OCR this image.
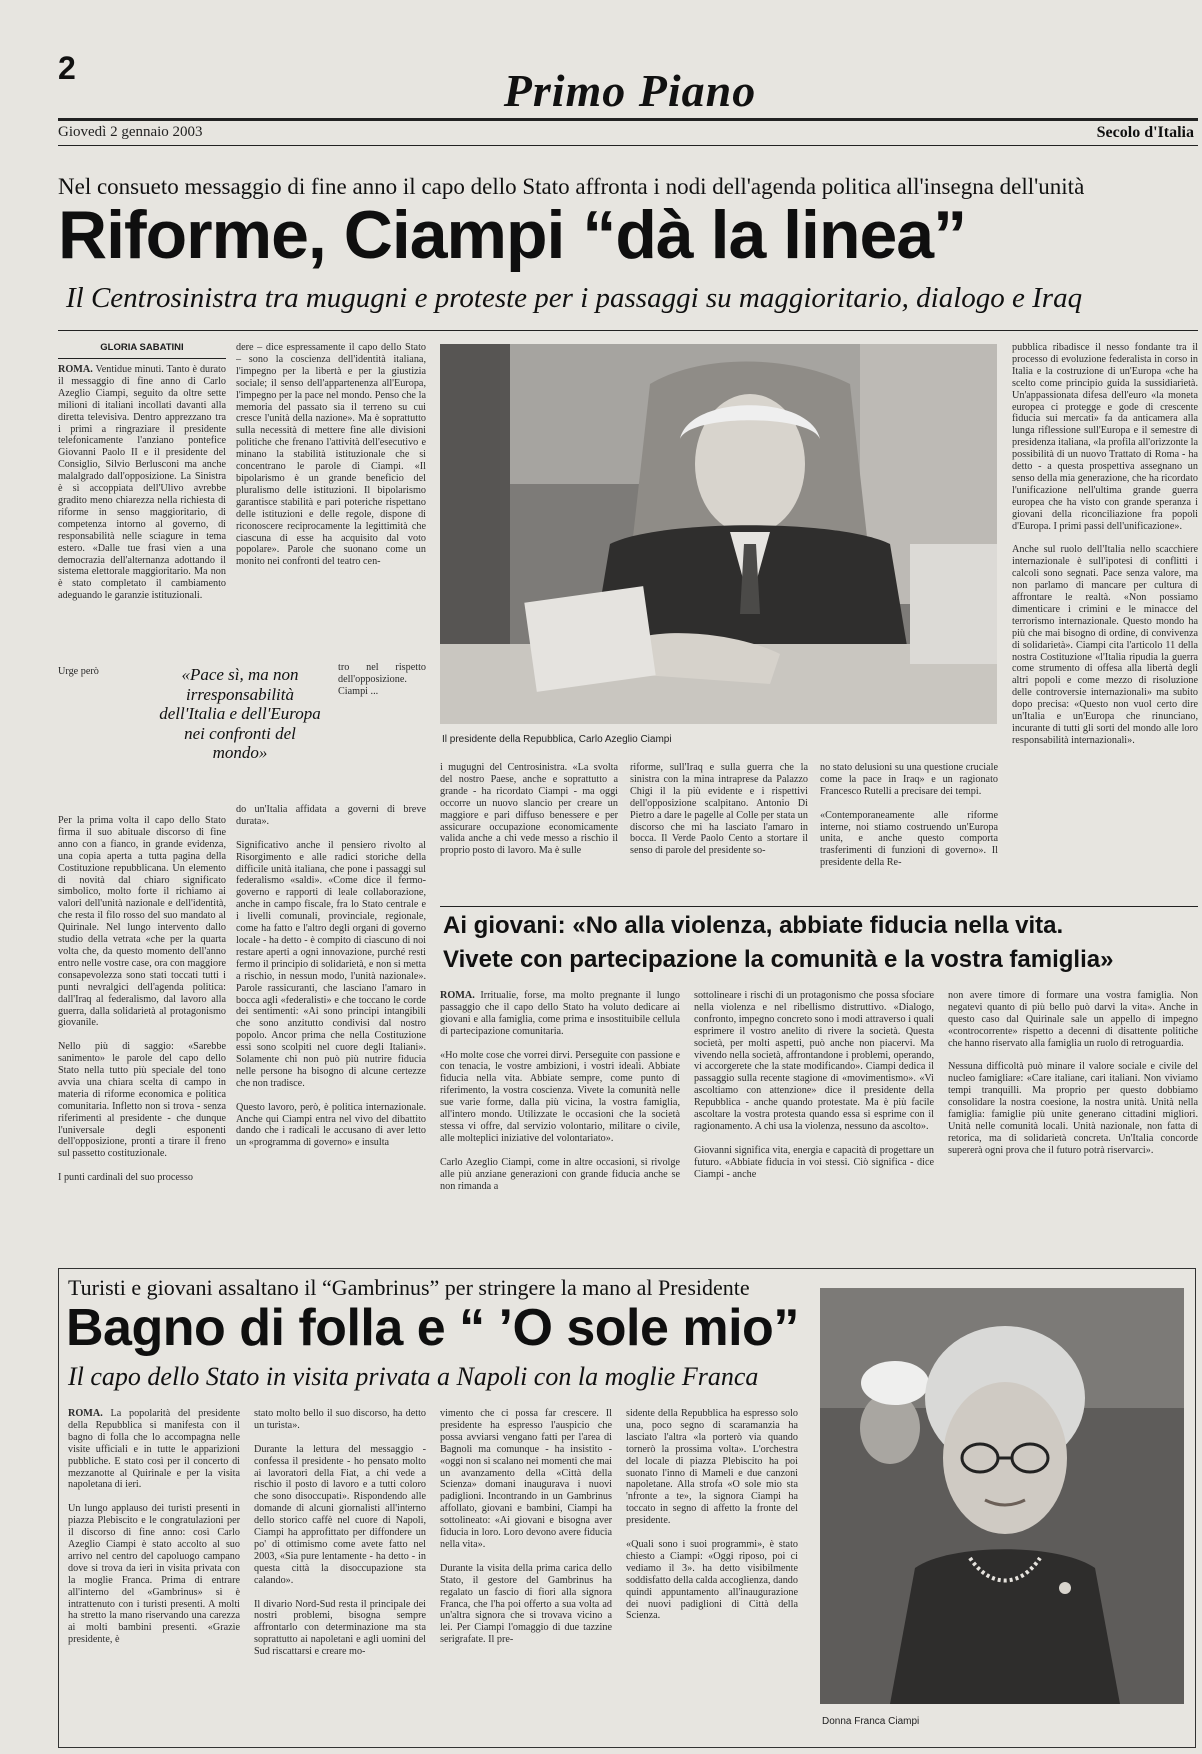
2	Primo Piano
Giovedì 2 gennaio 2003	Secolo d'Italia
Nel consueto messaggio di fine anno il capo dello Stato affronta i nodi dell'agenda politica all'insegna dell'unità
Riforme, Ciampi “dà la linea”
Il Centrosinistra tra mugugni e proteste per i passaggi su maggioritario, dialogo e Iraq
GLORIA SABATINI
ROMA. Ventidue minuti. Tanto è durato il messaggio di fine anno di Carlo Azeglio Ciampi, seguito da oltre sette milioni di italiani incollati davanti alla diretta televisiva. Dentro apprezzano tra i primi a ringraziare il presidente telefonicamente l'anziano pontefice Giovanni Paolo II e il presidente del Consiglio, Silvio Berlusconi ma anche malalgrado dall'opposizione. La Sinistra è sì accoppiata dell'Ulivo avrebbe gradito meno chiarezza nella richiesta di riforme in senso maggioritario, di competenza intorno al governo, di responsabilità nelle sciagure in tema estero. «Dalle tue frasi vien a una democrazia dell'alternanza adottando il sistema elettorale maggioritario. Ma non è stato completato il cambiamento adeguando le garanzie istituzionali.
Urge però
Per la prima volta il capo dello Stato firma il suo abituale discorso di fine anno con a fianco, in grande evidenza, una copia aperta a tutta pagina della Costituzione repubblicana. Un elemento di novità dal chiaro significato simbolico, molto forte il richiamo ai valori dell'unità nazionale e dell'identità, che resta il filo rosso del suo mandato al Quirinale. Nel lungo intervento dallo studio della vetrata «che per la quarta volta che, da questo momento dell'anno entro nelle vostre case, ora con maggiore consapevolezza sono stati toccati tutti i punti nevralgici dell'agenda politica: dall'Iraq al federalismo, dal lavoro alla guerra, dalla solidarietà al protagonismo giovanile.

Nello più di saggio: «Sarebbe sanimento» le parole del capo dello Stato nella tutto più speciale del tono avvia una chiara scelta di campo in materia di riforme economica e politica comunitaria. Infletto non si trova - senza riferimenti al presidente - che dunque l'universale degli esponenti dell'opposizione, pronti a tirare il freno sul passetto costituzionale.

I punti cardinali del suo processo
«Pace sì, ma non irresponsabilità dell'Italia e dell'Europa nei confronti del mondo»
dere – dice espressamente il capo dello Stato – sono la coscienza dell'identità italiana, l'impegno per la libertà e per la giustizia sociale; il senso dell'appartenenza all'Europa, l'impegno per la pace nel mondo. Penso che la memoria del passato sia il terreno su cui cresce l'unità della nazione». Ma è soprattutto sulla necessità di mettere fine alle divisioni politiche che frenano l'attività dell'esecutivo e minano la stabilità istituzionale che si concentrano le parole di Ciampi. «Il bipolarismo è un grande beneficio del pluralismo delle istituzioni. Il bipolarismo garantisce stabilità e pari poteriche rispettano delle istituzioni e delle regole, dispone di riconoscere reciprocamente la legittimità che ciascuna di esse ha acquisito dal voto popolare». Parole che suonano come un monito nei confronti del teatro cen-
tro nel rispetto dell'opposizione. Ciampi ...
do un'Italia affidata a governi di breve durata».

Significativo anche il pensiero rivolto al Risorgimento e alle radici storiche della difficile unità italiana, che pone i passaggi sul federalismo «saldi». «Come dice il fermo-governo e rapporti di leale collaborazione, anche in campo fiscale, fra lo Stato centrale e i livelli comunali, provinciale, regionale, come ha fatto e l'altro degli organi di governo locale - ha detto - è compito di ciascuno di noi restare aperti a ogni innovazione, purché resti fermo il principio di solidarietà, e non si metta a rischio, in nessun modo, l'unità nazionale». Parole rassicuranti, che lasciano l'amaro in bocca agli «federalisti» e che toccano le corde dei sentimenti: «Ai sono principi intangibili che sono anzitutto condivisi dal nostro popolo. Ancor prima che nella Costituzione essi sono scolpiti nel cuore degli Italiani». Solamente chi non può più nutrire fiducia nelle persone ha bisogno di alcune certezze che non tradisce.

Questo lavoro, però, è politica internazionale. Anche qui Ciampi entra nel vivo del dibattito dando che i radicali le accusano di aver letto un «programma di governo» e insulta
Il presidente della Repubblica, Carlo Azeglio Ciampi
i mugugni del Centrosinistra. «La svolta del nostro Paese, anche e soprattutto a grande - ha ricordato Ciampi - ma oggi occorre un nuovo slancio per creare un maggiore e pari diffuso benessere e per assicurare occupazione economicamente valida anche a chi vede messo a rischio il proprio posto di lavoro. Ma è sulle
riforme, sull'Iraq e sulla guerra che la sinistra con la mina intraprese da Palazzo Chigi il la più evidente e i rispettivi dell'opposizione scalpitano. Antonio Di Pietro a dare le pagelle al Colle per stata un discorso che mi ha lasciato l'amaro in bocca. Il Verde Paolo Cento a stortare il senso di parole del presidente so-
no stato delusioni su una questione cruciale come la pace in Iraq» e un ragionato Francesco Rutelli a precisare dei tempi.

«Contemporaneamente alle riforme interne, noi stiamo costruendo un'Europa unita, e anche questo comporta trasferimenti di funzioni di governo». Il presidente della Re-
pubblica ribadisce il nesso fondante tra il processo di evoluzione federalista in corso in Italia e la costruzione di un'Europa «che ha scelto come principio guida la sussidiarietà. Un'appassionata difesa dell'euro «la moneta europea ci protegge e gode di crescente fiducia sui mercati» fa da anticamera alla lunga riflessione sull'Europa e il semestre di presidenza italiana, «la profila all'orizzonte la possibilità di un nuovo Trattato di Roma - ha detto - a questa prospettiva assegnano un senso della mia generazione, che ha ricordato l'unificazione nell'ultima grande guerra europea che ha visto con grande speranza i giovani della riconciliazione fra popoli d'Europa. I primi passi dell'unificazione».

Anche sul ruolo dell'Italia nello scacchiere internazionale è sull'ipotesi di conflitti i calcoli sono segnati. Pace senza valore, ma non parlamo di mancare per cultura di affrontare le realtà. «Non possiamo dimenticare i crimini e le minacce del terrorismo internazionale. Questo mondo ha più che mai bisogno di ordine, di convivenza di solidarietà». Ciampi cita l'articolo 11 della nostra Costituzione «l'Italia ripudia la guerra come strumento di offesa alla libertà degli altri popoli e come mezzo di risoluzione delle controversie internazionali» ma subito dopo precisa: «Questo non vuol certo dire un'Italia e un'Europa che rinunciano, incurante di tutti gli sorti del mondo alle loro responsabilità internazionali».
Ai giovani: «No alla violenza, abbiate fiducia nella vita.
Vivete con partecipazione la comunità e la vostra famiglia»
ROMA. Irritualie, forse, ma molto pregnante il lungo passaggio che il capo dello Stato ha voluto dedicare ai giovani e alla famiglia, come prima e insostituibile cellula di partecipazione comunitaria.

«Ho molte cose che vorrei dirvi. Perseguite con passione e con tenacia, le vostre ambizioni, i vostri ideali. Abbiate fiducia nella vita. Abbiate sempre, come punto di riferimento, la vostra coscienza. Vivete la comunità nelle sue varie forme, dalla più vicina, la vostra famiglia, all'intero mondo. Utilizzate le occasioni che la società stessa vi offre, dal servizio volontario, militare o civile, alle molteplici iniziative del volontariato».

Carlo Azeglio Ciampi, come in altre occasioni, si rivolge alle più anziane generazioni con grande fiducia anche se non rimanda a
sottolineare i rischi di un protagonismo che possa sfociare nella violenza e nel ribellismo distruttivo. «Dialogo, confronto, impegno concreto sono i modi attraverso i quali esprimere il vostro anelito di rivere la società. Questa società, per molti aspetti, può anche non piacervi. Ma vivendo nella società, affrontandone i problemi, operando, vi accorgerete che la state modificando». Ciampi dedica il passaggio sulla recente stagione di «movimentismo». «Vi ascoltiamo con attenzione» dice il presidente della Repubblica - anche quando protestate. Ma è più facile ascoltare la vostra protesta quando essa si esprime con il ragionamento. A chi usa la violenza, nessuno da ascolto».

Giovanni significa vita, energia e capacità di progettare un futuro. «Abbiate fiducia in voi stessi. Ciò significa - dice Ciampi - anche
non avere timore di formare una vostra famiglia. Non negatevi quanto di più bello può darvi la vita». Anche in questo caso dal Quirinale sale un appello di impegno «controcorrente» rispetto a decenni di disattente politiche che hanno riservato alla famiglia un ruolo di retroguardia.

Nessuna difficoltà può minare il valore sociale e civile del nucleo famigliare: «Care italiane, cari italiani. Non viviamo tempi tranquilli. Ma proprio per questo dobbiamo consolidare la nostra coesione, la nostra unità. Unità nella famiglia: famiglie più unite generano cittadini migliori. Unità nelle comunità locali. Unità nazionale, non fatta di retorica, ma di solidarietà concreta. Un'Italia concorde supererà ogni prova che il futuro potrà riservarci».
Turisti e giovani assaltano il “Gambrinus” per stringere la mano al Presidente
Bagno di folla e “ ’O sole mio”
Il capo dello Stato in visita privata a Napoli con la moglie Franca
ROMA. La popolarità del presidente della Repubblica si manifesta con il bagno di folla che lo accompagna nelle visite ufficiali e in tutte le apparizioni pubbliche. E stato così per il concerto di mezzanotte al Quirinale e per la visita napoletana di ieri.

Un lungo applauso dei turisti presenti in piazza Plebiscito e le congratulazioni per il discorso di fine anno: così Carlo Azeglio Ciampi è stato accolto al suo arrivo nel centro del capoluogo campano dove si trova da ieri in visita privata con la moglie Franca. Prima di entrare all'interno del «Gambrinus» si è intrattenuto con i turisti presenti. A molti ha stretto la mano riservando una carezza ai molti bambini presenti. «Grazie presidente, è
stato molto bello il suo discorso, ha detto un turista».

Durante la lettura del messaggio - confessa il presidente - ho pensato molto ai lavoratori della Fiat, a chi vede a rischio il posto di lavoro e a tutti coloro che sono disoccupati». Rispondendo alle domande di alcuni giornalisti all'interno dello storico caffè nel cuore di Napoli, Ciampi ha approfittato per diffondere un po' di ottimismo come avete fatto nel 2003, «Sia pure lentamente - ha detto - in questa città la disoccupazione sta calando».

Il divario Nord-Sud resta il principale dei nostri problemi, bisogna sempre affrontarlo con determinazione ma sta soprattutto ai napoletani e agli uomini del Sud riscattarsi e creare mo-
vimento che ci possa far crescere. Il presidente ha espresso l'auspicio che possa avviarsi vengano fatti per l'area di Bagnoli ma comunque - ha insistito - «oggi non si scalano nei momenti che mai un avanzamento della «Città della Scienza» domani inaugurava i nuovi padiglioni. Incontrando in un Gambrinus affollato, giovani e bambini, Ciampi ha sottolineato: «Ai giovani e bisogna aver fiducia in loro. Loro devono avere fiducia nella vita».

Durante la visita della prima carica dello Stato, il gestore del Gambrinus ha regalato un fascio di fiori alla signora Franca, che l'ha poi offerto a sua volta ad un'altra signora che si trovava vicino a lei. Per Ciampi l'omaggio di due tazzine serigrafate. Il pre-
sidente della Repubblica ha espresso solo una, poco segno di scaramanzia ha lasciato l'altra «la porterò via quando tornerò la prossima volta». L'orchestra del locale di piazza Plebiscito ha poi suonato l'inno di Mameli e due canzoni napoletane. Alla strofa «O sole mio sta 'nfronte a te», la signora Ciampi ha toccato in segno di affetto la fronte del presidente.

«Quali sono i suoi programmi», è stato chiesto a Ciampi: «Oggi riposo, poi ci vediamo il 3». ha detto visibilmente soddisfatto della calda accoglienza, dando quindi appuntamento all'inaugurazione dei nuovi padiglioni di Città della Scienza.
Donna Franca Ciampi
